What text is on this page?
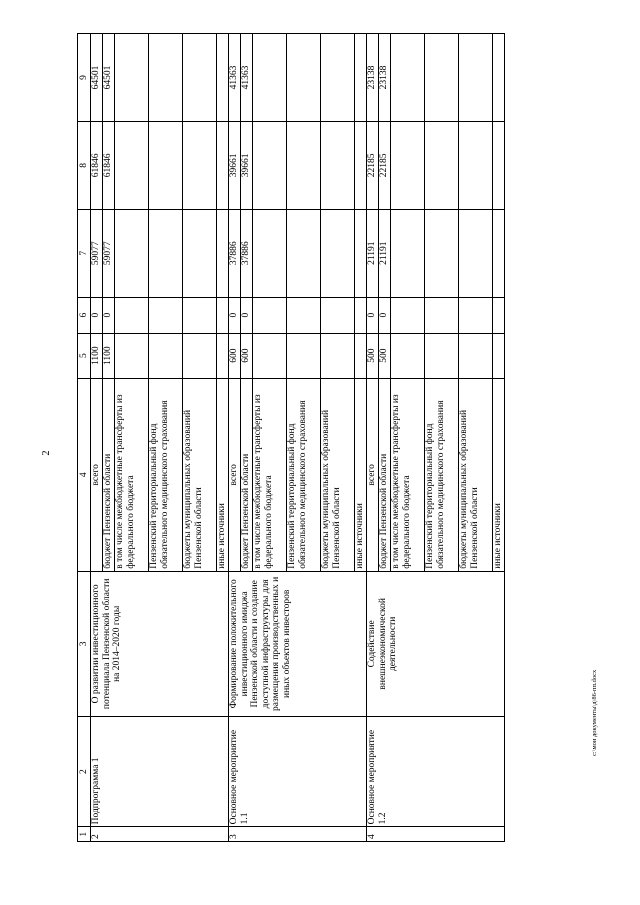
2
1	2	3	4	5	6	7	8	9
2	Подпрограмма 1	О развитии инвестиционного потенциала Пензенской области на 2014–2020 годы	всего	1100	0	59077	61846	64501
			бюджет Пензенской области	1100	0	59077	61846	64501
			в том числе межбюджетные трансферты из федерального бюджета					
			Пензенский территориальный фонд обязательного медицинского страхования					
			бюджеты муниципальных образований Пензенской области					
			иные источники					
3	Основное мероприятие 1.1	Формирование положительного инвестиционного имиджа Пензенской области и создание доступной инфраструктуры для размещения производственных и иных объектов инвесторов	всего	600	0	37886	39661	41363
			бюджет Пензенской области	600	0	37886	39661	41363
			в том числе межбюджетные трансферты из федерального бюджета					
			Пензенский территориальный фонд обязательного медицинского страхования					
			бюджеты муниципальных образований Пензенской области					
			иные источники					
4	Основное мероприятие 1.2	Содействие внешнеэкономической деятельности	всего	500	0	21191	22185	23138
			бюджет Пензенской области	500	0	21191	22185	23138
			в том числе межбюджетные трансферты из федерального бюджета					
			Пензенский территориальный фонд обязательного медицинского страхования					
			бюджеты муниципальных образований Пензенской области					
			иные источники					
c:\мои документы\д\86-пп.docx
